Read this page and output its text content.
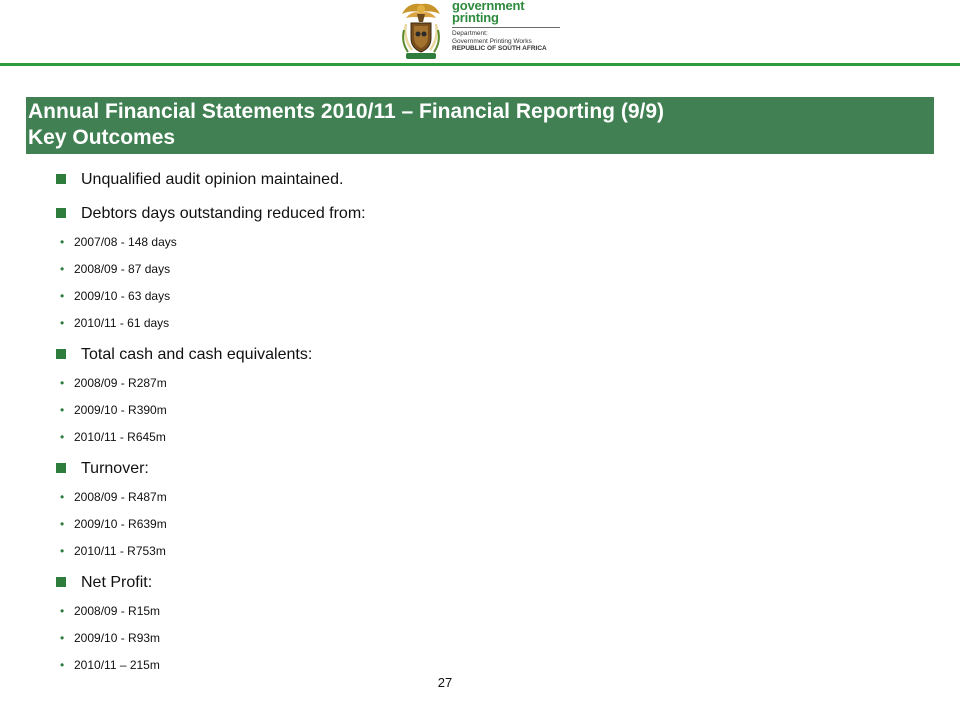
government
printing
Department:
Government Printing Works
REPUBLIC OF SOUTH AFRICA
Annual Financial Statements 2010/11 – Financial Reporting (9/9)
Key Outcomes
Unqualified audit opinion maintained.
Debtors days outstanding reduced from:
• 2007/08 - 148 days
• 2008/09 - 87 days
• 2009/10 - 63 days
• 2010/11 - 61 days
Total cash and cash equivalents:
• 2008/09 - R287m
• 2009/10 - R390m
• 2010/11 - R645m
Turnover:
• 2008/09 - R487m
• 2009/10 - R639m
• 2010/11 - R753m
Net Profit:
• 2008/09 - R15m
• 2009/10 - R93m
• 2010/11 – 215m
27
